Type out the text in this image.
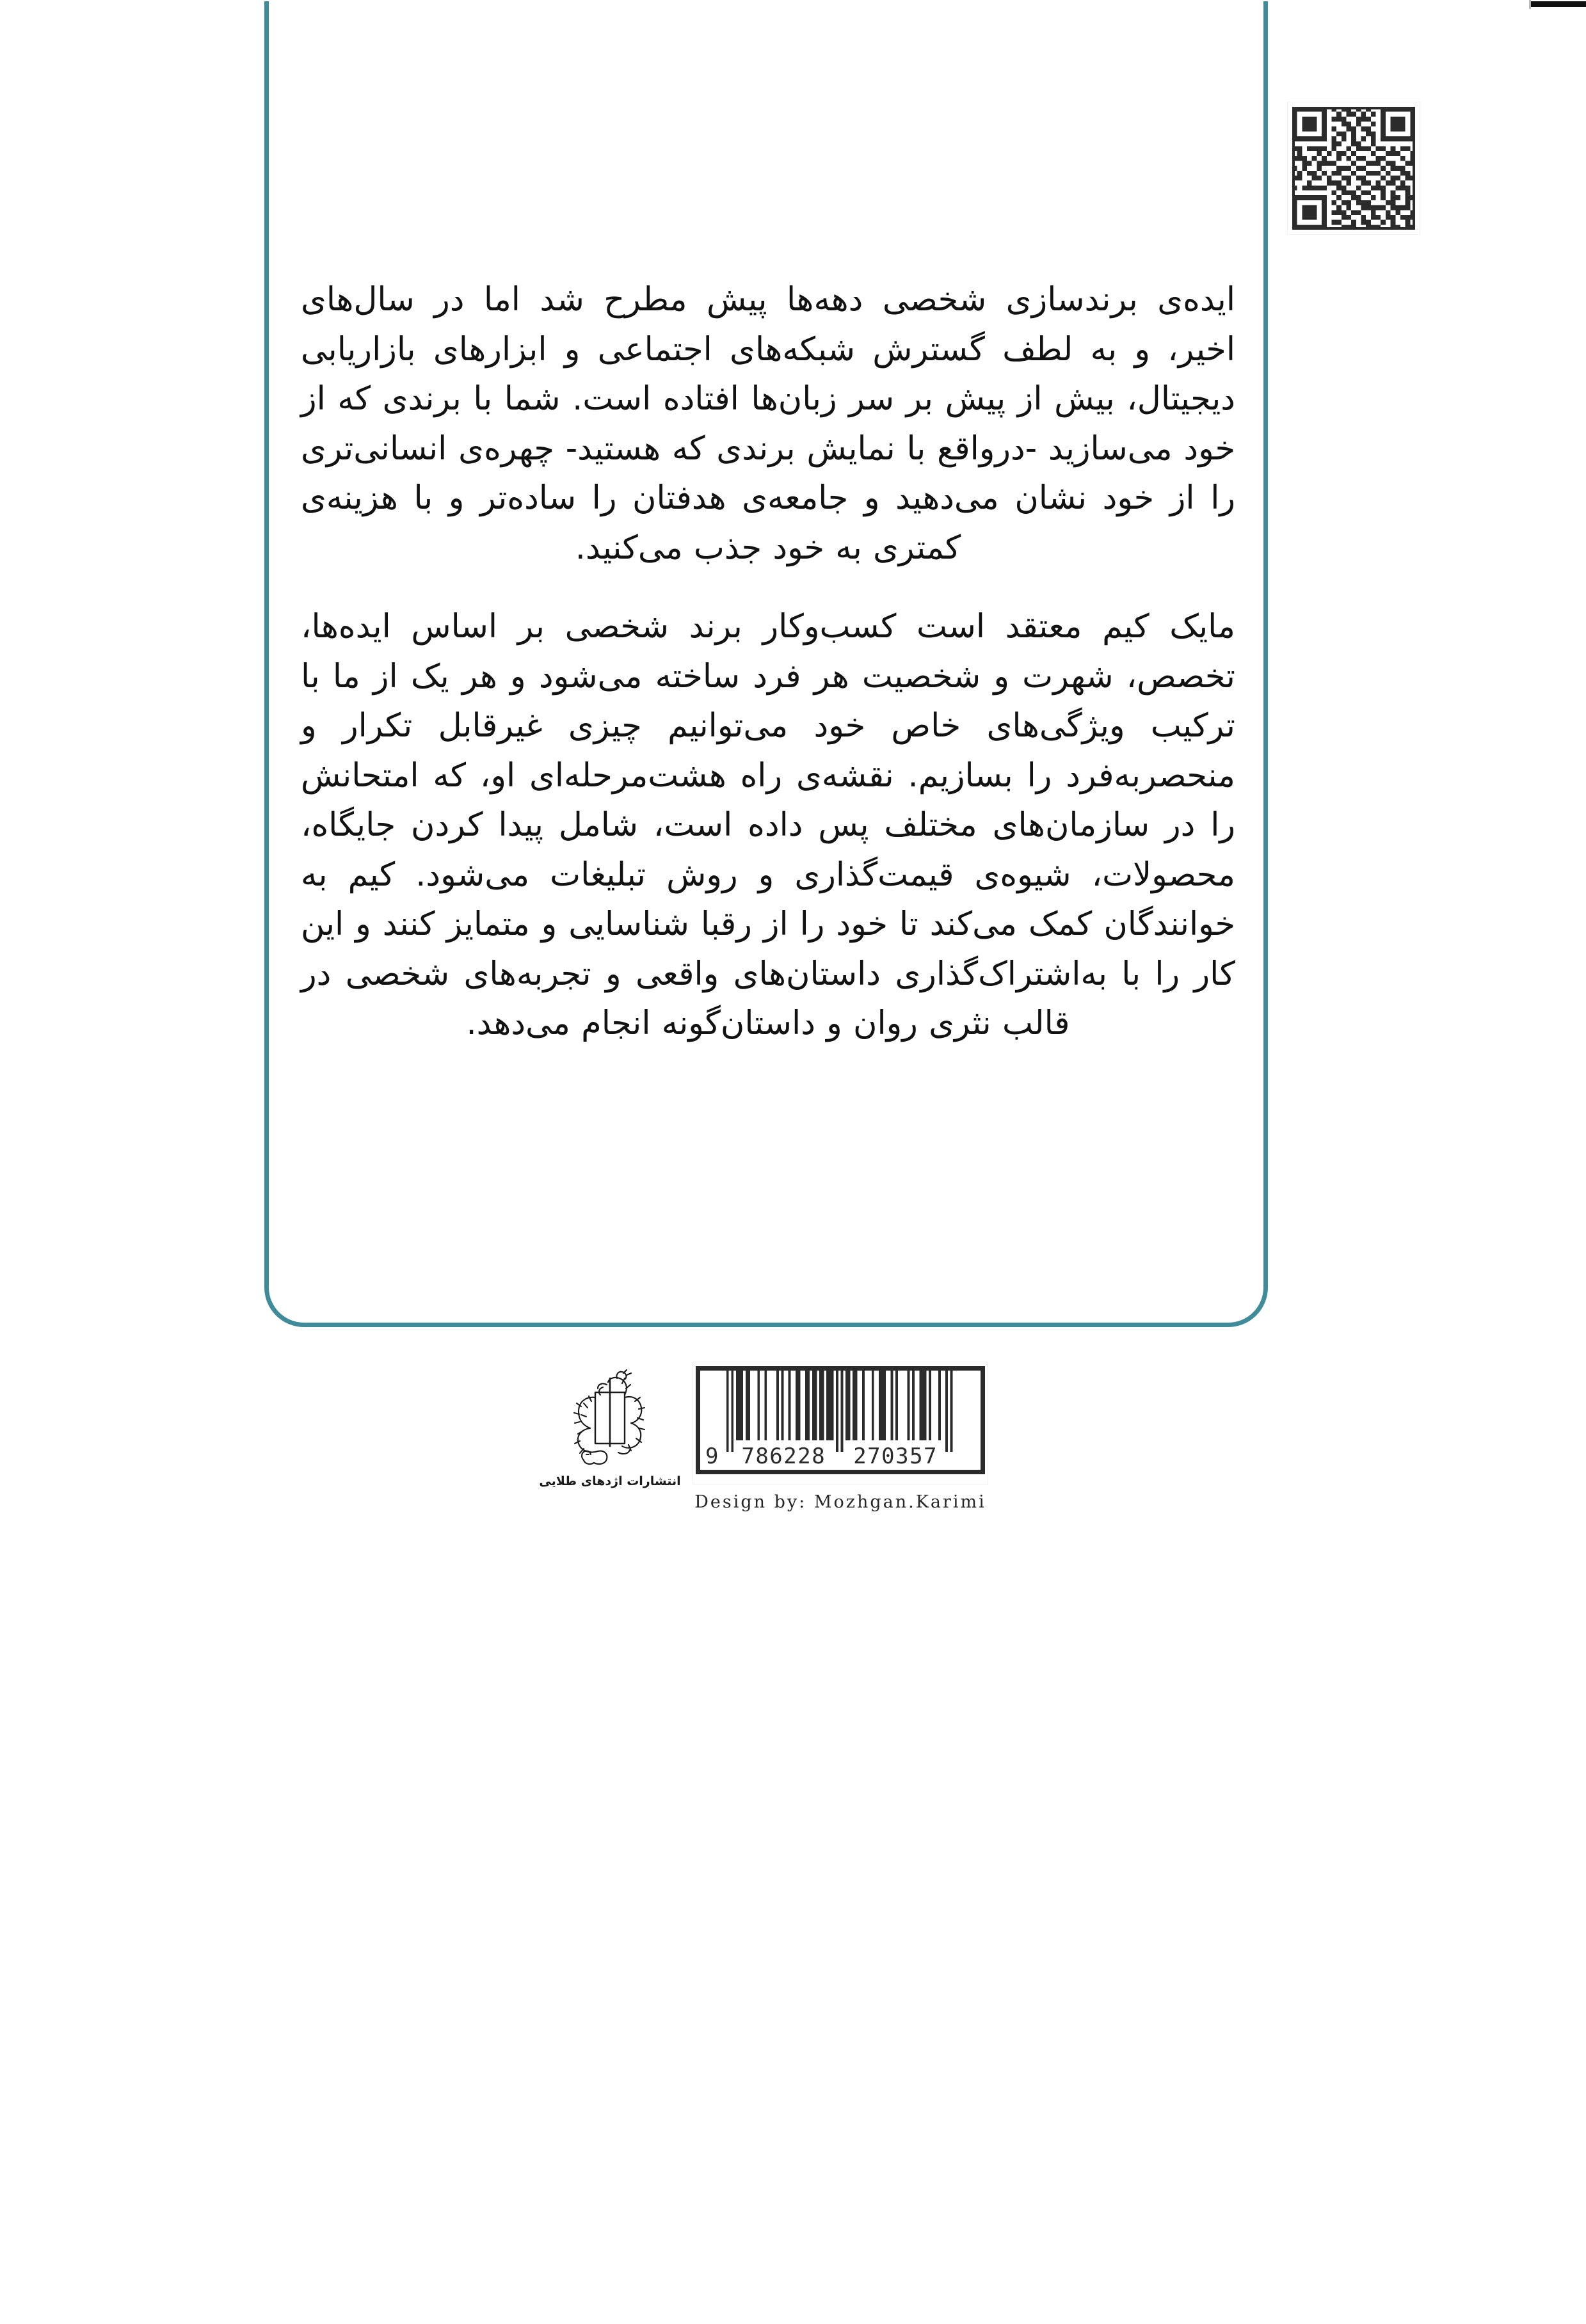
ایده‌ی برندسازی شخصی دهه‌ها پیش مطرح شد اما در سال‌های اخیر، و به لطف گسترش شبکه‌های اجتماعی و ابزارهای بازاریابی دیجیتال، بیش از پیش بر سر زبان‌ها افتاده است. شما با برندی که از خود می‌سازید -درواقع با نمایش برندی که هستید- چهره‌ی انسانی‌تری را از خود نشان می‌دهید و جامعه‌ی هدفتان را ساده‌تر و با هزینه‌ی کمتری به خود جذب می‌کنید.

مایک کیم معتقد است کسب‌وکار برند شخصی بر اساس ایده‌ها، تخصص، شهرت و شخصیت هر فرد ساخته می‌شود و هر یک از ما با ترکیب ویژگی‌های خاص خود می‌توانیم چیزی غیرقابل تکرار و منحصربه‌فرد را بسازیم. نقشه‌ی راه هشت‌مرحله‌ای او، که امتحانش را در سازمان‌های مختلف پس داده است، شامل پیدا کردن جایگاه، محصولات، شیوه‌ی قیمت‌گذاری و روش تبلیغات می‌شود. کیم به خوانندگان کمک می‌کند تا خود را از رقبا شناسایی و متمایز کنند و این کار را با به‌اشتراک‌گذاری داستان‌های واقعی و تجربه‌های شخصی در قالب نثری روان و داستان‌گونه انجام می‌دهد.

انتشارات اژدهای طلایی
9 786228 270357
Design by: Mozhgan.Karimi
